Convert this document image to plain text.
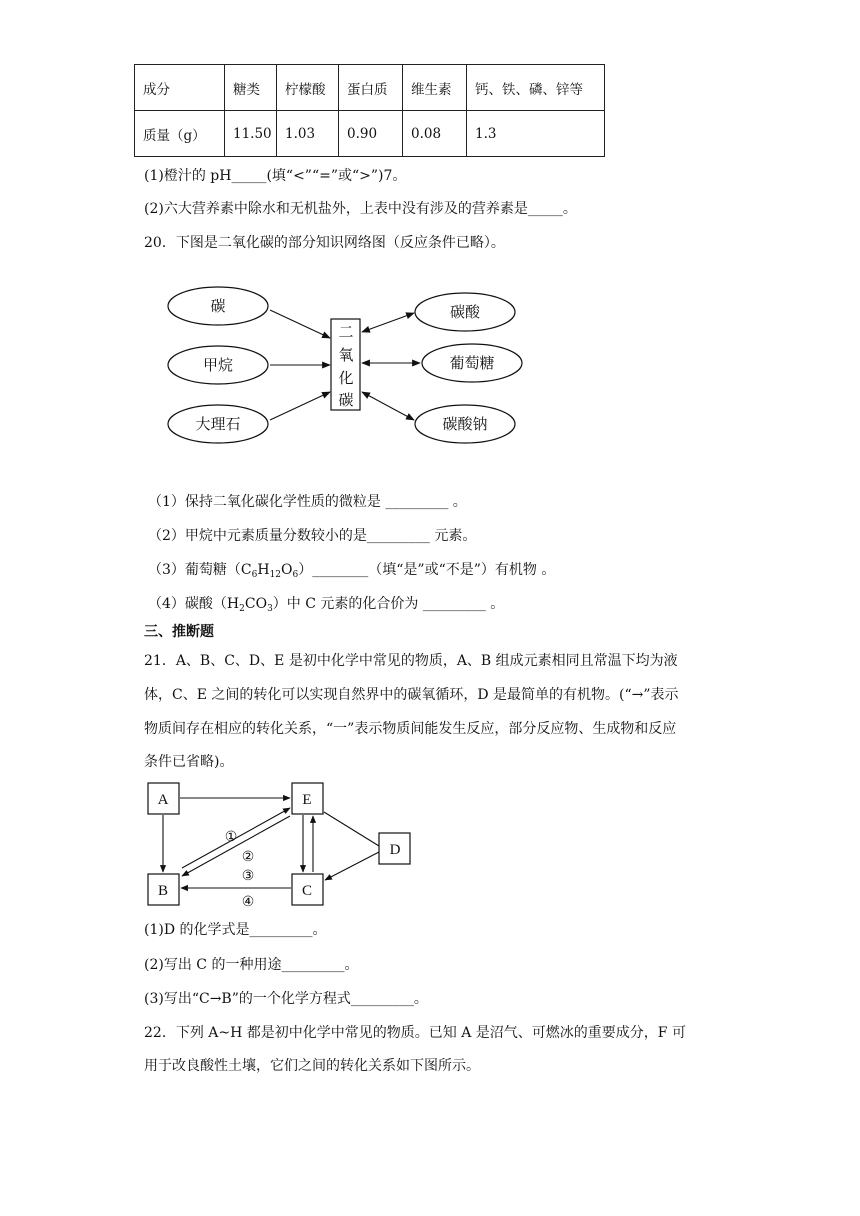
成分	糖类	柠檬酸	蛋白质	维生素	钙、铁、磷、锌等
质量（g）	11.50	1.03	0.90	0.08	1.3
(1)橙汁的 pH_____(填“<”“=”或“>”)7。
(2)六大营养素中除水和无机盐外，上表中没有涉及的营养素是_____。
20．下图是二氧化碳的部分知识网络图（反应条件已略）。
碳
甲烷
大理石
二
氧
化
碳
碳酸
葡萄糖
碳酸钠
（1）保持二氧化碳化学性质的微粒是 _________ 。
（2）甲烷中元素质量分数较小的是_________ 元素。
（3）葡萄糖$(C_6H_{12}O_6)\_\_\_\_\_\_\_\_$（填“是”或“不是”）有机物 。
（4）碳酸$(H_2CO_3)$中 C 元素的化合价为 _________ 。
三、推断题
21．A、B、C、D、E 是初中化学中常见的物质，A、B 组成元素相同且常温下均为液
体，C、E 之间的转化可以实现自然界中的碳氧循环，D 是最简单的有机物。(“→”表示
物质间存在相应的转化关系，“一”表示物质间能发生反应，部分反应物、生成物和反应
条件已省略)。
A	E
D
B	C
①
②
③
④
(1)D 的化学式是_________。
(2)写出 C 的一种用途_________。
(3)写出“C→B”的一个化学方程式_________。
22．下列 A~H 都是初中化学中常见的物质。已知 A 是沼气、可燃冰的重要成分，F 可
用于改良酸性土壤，它们之间的转化关系如下图所示。
